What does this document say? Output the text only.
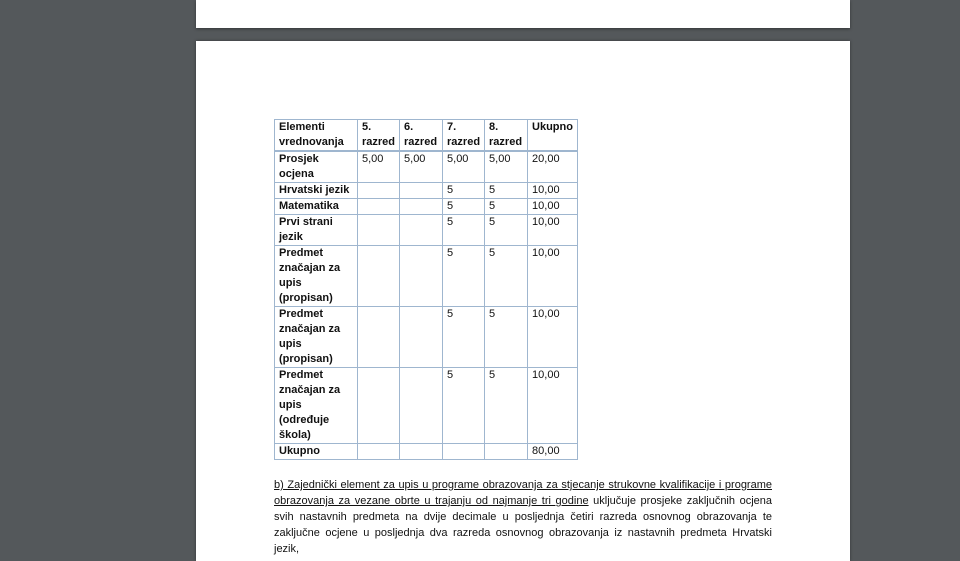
Elementi vrednovanja	5. razred	6. razred	7. razred	8. razred	Ukupno
Prosjek ocjena	5,00	5,00	5,00	5,00	20,00
Hrvatski jezik			5	5	10,00
Matematika			5	5	10,00
Prvi strani jezik			5	5	10,00
Predmet značajan za upis (propisan)			5	5	10,00
Predmet značajan za upis (propisan)			5	5	10,00
Predmet značajan za upis (određuje škola)			5	5	10,00
Ukupno					80,00
b) Zajednički element za upis u programe obrazovanja za stjecanje strukovne kvalifikacije i programe obrazovanja za vezane obrte u trajanju od najmanje tri godine uključuje prosjeke zaključnih ocjena svih nastavnih predmeta na dvije decimale u posljednja četiri razreda osnovnog obrazovanja te zaključne ocjene u posljednja dva razreda osnovnog obrazovanja iz nastavnih predmeta Hrvatski jezik,
